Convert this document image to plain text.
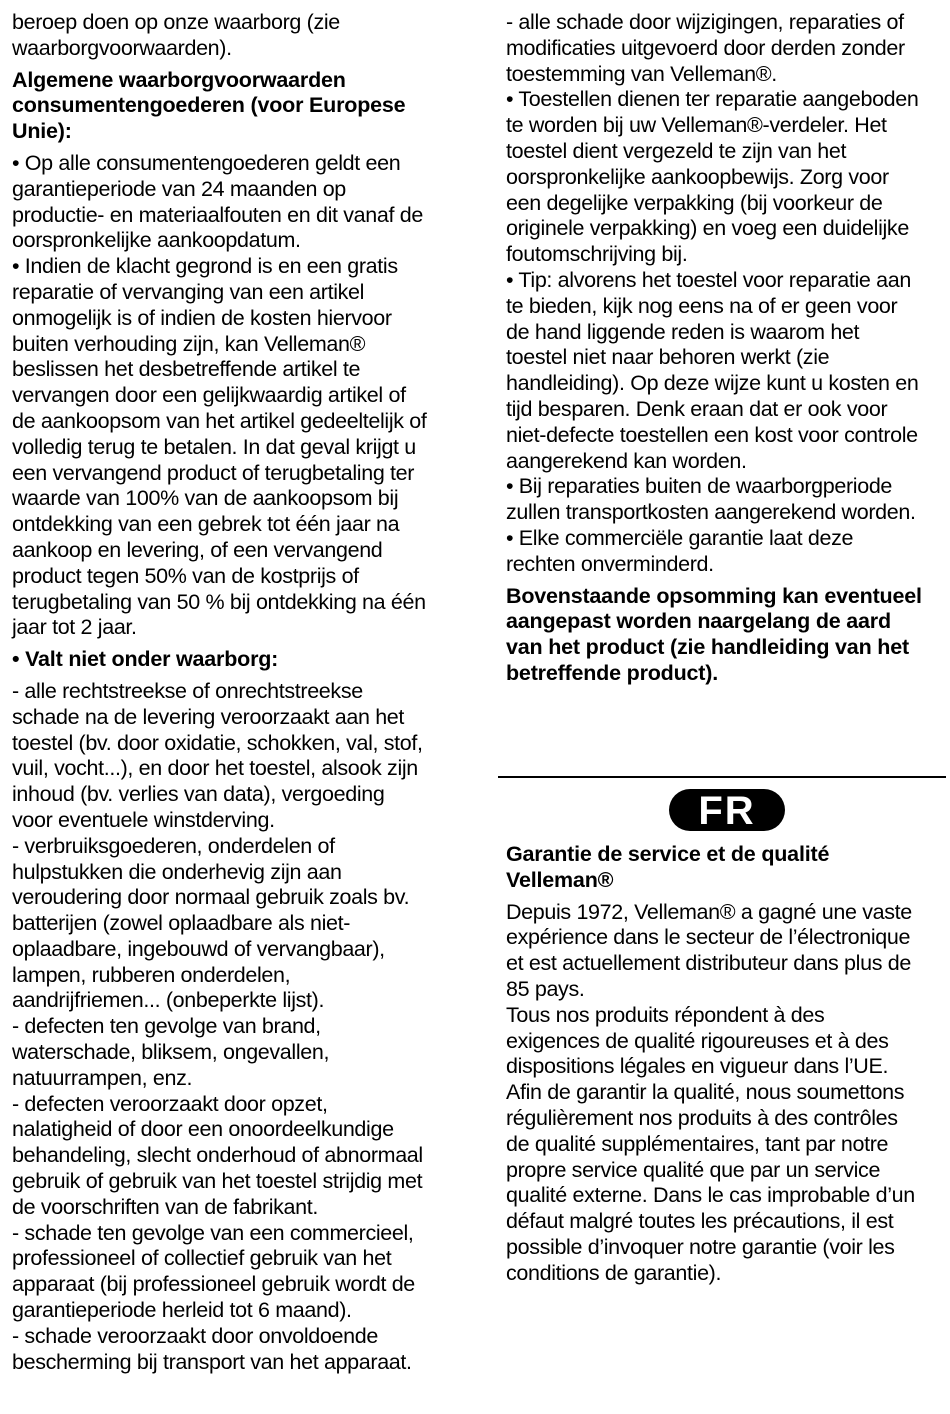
beroep doen op onze waarborg (zie
waarborgvoorwaarden).
Algemene waarborgvoorwaarden
consumentengoederen (voor Europese
Unie):
• Op alle consumentengoederen geldt een
garantieperiode van 24 maanden op
productie- en materiaalfouten en dit vanaf de
oorspronkelijke aankoopdatum.
• Indien de klacht gegrond is en een gratis
reparatie of vervanging van een artikel
onmogelijk is of indien de kosten hiervoor
buiten verhouding zijn, kan Velleman®
beslissen het desbetreffende artikel te
vervangen door een gelijkwaardig artikel of
de aankoopsom van het artikel gedeeltelijk of
volledig terug te betalen. In dat geval krijgt u
een vervangend product of terugbetaling ter
waarde van 100% van de aankoopsom bij
ontdekking van een gebrek tot één jaar na
aankoop en levering, of een vervangend
product tegen 50% van de kostprijs of
terugbetaling van 50 % bij ontdekking na één
jaar tot 2 jaar.
• Valt niet onder waarborg:
- alle rechtstreekse of onrechtstreekse
schade na de levering veroorzaakt aan het
toestel (bv. door oxidatie, schokken, val, stof,
vuil, vocht...), en door het toestel, alsook zijn
inhoud (bv. verlies van data), vergoeding
voor eventuele winstderving.
- verbruiksgoederen, onderdelen of
hulpstukken die onderhevig zijn aan
veroudering door normaal gebruik zoals bv.
batterijen (zowel oplaadbare als niet-
oplaadbare, ingebouwd of vervangbaar),
lampen, rubberen onderdelen,
aandrijfriemen... (onbeperkte lijst).
- defecten ten gevolge van brand,
waterschade, bliksem, ongevallen,
natuurrampen, enz.
- defecten veroorzaakt door opzet,
nalatigheid of door een onoordeelkundige
behandeling, slecht onderhoud of abnormaal
gebruik of gebruik van het toestel strijdig met
de voorschriften van de fabrikant.
- schade ten gevolge van een commercieel,
professioneel of collectief gebruik van het
apparaat (bij professioneel gebruik wordt de
garantieperiode herleid tot 6 maand).
- schade veroorzaakt door onvoldoende
bescherming bij transport van het apparaat.
- alle schade door wijzigingen, reparaties of
modificaties uitgevoerd door derden zonder
toestemming van Velleman®.
• Toestellen dienen ter reparatie aangeboden
te worden bij uw Velleman®-verdeler. Het
toestel dient vergezeld te zijn van het
oorspronkelijke aankoopbewijs. Zorg voor
een degelijke verpakking (bij voorkeur de
originele verpakking) en voeg een duidelijke
foutomschrijving bij.
• Tip: alvorens het toestel voor reparatie aan
te bieden, kijk nog eens na of er geen voor
de hand liggende reden is waarom het
toestel niet naar behoren werkt (zie
handleiding). Op deze wijze kunt u kosten en
tijd besparen. Denk eraan dat er ook voor
niet-defecte toestellen een kost voor controle
aangerekend kan worden.
• Bij reparaties buiten de waarborgperiode
zullen transportkosten aangerekend worden.
• Elke commerciële garantie laat deze
rechten onverminderd.
Bovenstaande opsomming kan eventueel
aangepast worden naargelang de aard
van het product (zie handleiding van het
betreffende product).
FR
Garantie de service et de qualité
Velleman®
Depuis 1972, Velleman® a gagné une vaste
expérience dans le secteur de l’électronique
et est actuellement distributeur dans plus de
85 pays.
Tous nos produits répondent à des
exigences de qualité rigoureuses et à des
dispositions légales en vigueur dans l’UE.
Afin de garantir la qualité, nous soumettons
régulièrement nos produits à des contrôles
de qualité supplémentaires, tant par notre
propre service qualité que par un service
qualité externe. Dans le cas improbable d’un
défaut malgré toutes les précautions, il est
possible d’invoquer notre garantie (voir les
conditions de garantie).
